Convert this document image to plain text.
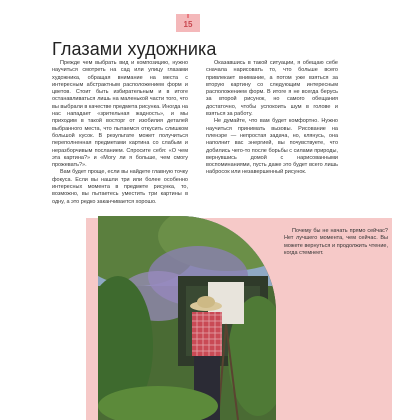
15
Глазами художника

Прежде чем выбрать вид и композицию, нужно научиться смотреть на сад или улицу глазами художника, обращая внимание на места с интересным абстрактным расположением форм и цветов. Стоит быть избирательным и в итоге останавливаться лишь на маленькой части того, что вы выбрали в качестве предмета рисунка. Иногда на нас нападает «зрительная жадность», и мы приходим в такой восторг от изобилия деталей выбранного места, что пытаемся откусить слишком большой кусок. В результате может получиться переполненная предметами картина со слабым и неразборчивым посланием. Спросите себя: «О чем эта картина?» и «Могу ли я больше, чем смогу прожевать?».

Вам будет проще, если вы найдете главную точку фокуса. Если вы нашли три или более особенно интересных момента в предмете рисунка, то, возможно, вы пытаетесь уместить три картины в одну, а это редко заканчивается хорошо.

Оказавшись в такой ситуации, я обещаю себе сначала нарисовать то, что больше всего привлекает внимание, а потом уже взяться за вторую картину со следующим интересным расположением форм. В итоге я не всегда берусь за второй рисунок, но самого обещания достаточно, чтобы успокоить шум в голове и взяться за работу.

Не думайте, что вам будет комфортно. Нужно научиться принимать вызовы. Рисование на пленэре — непростая задача, но, клянусь, она наполнит вас энергией, вы почувствуете, что добились чего-то после борьбы с силами природы, вернувшись домой с нарисованными воспоминаниями, пусть даже это будет всего лишь набросок или незавершенный рисунок.

Почему бы не начать прямо сейчас? Нет лучшего момента, чем сейчас. Вы можете вернуться и продолжить чтение, когда стемнеет.
